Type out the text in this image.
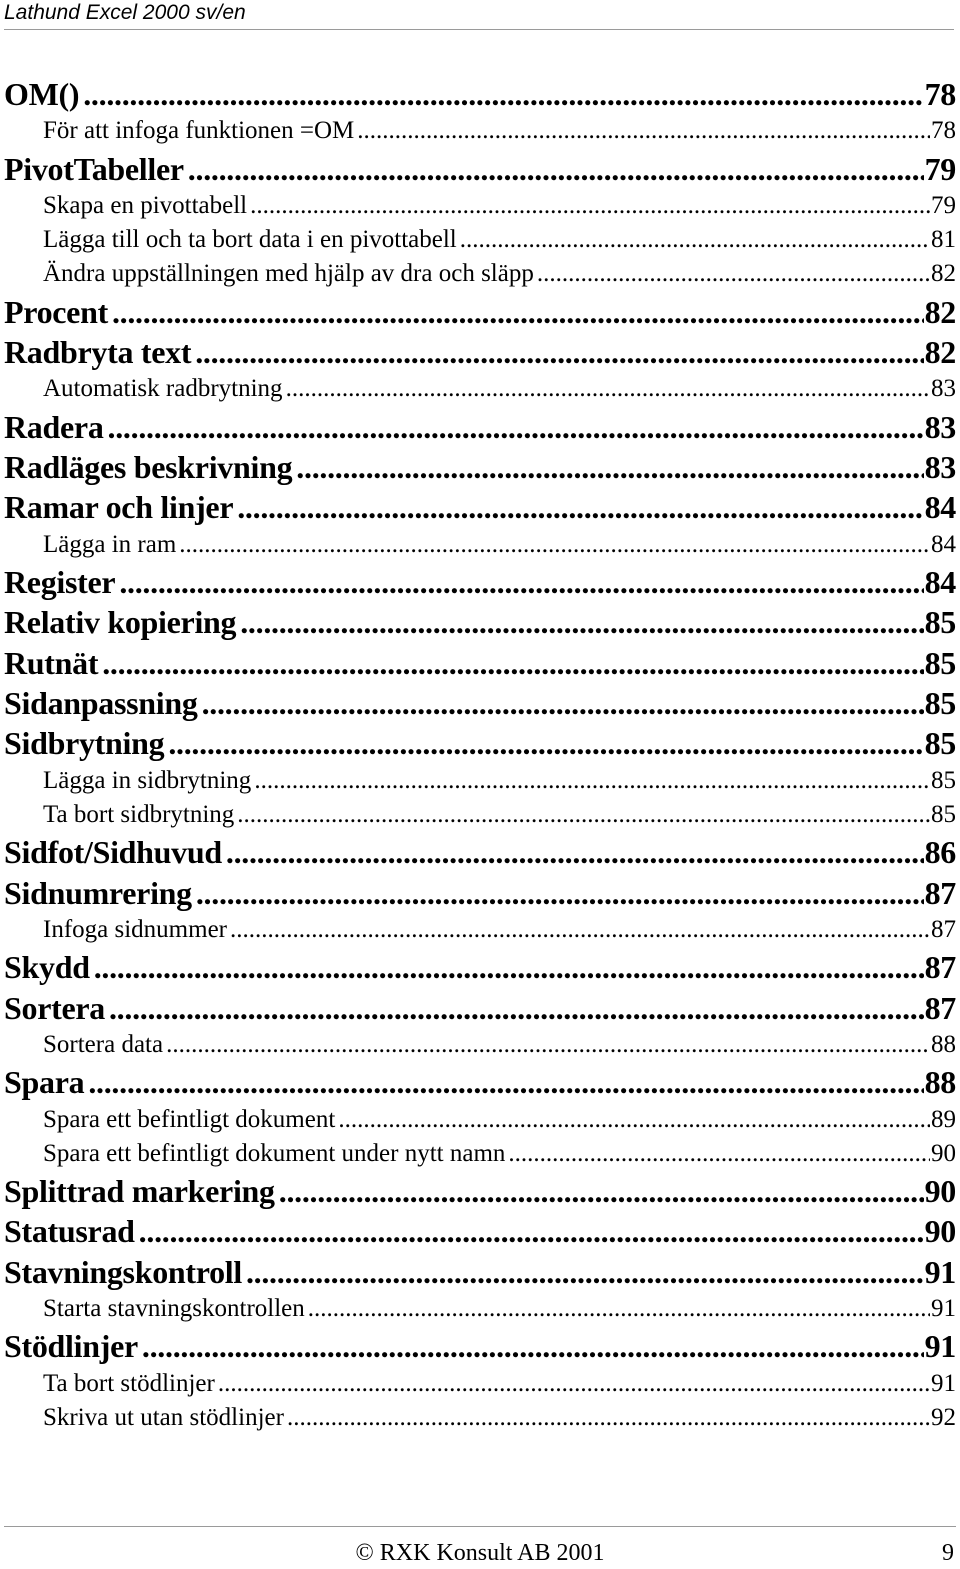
Lathund Excel 2000 sv/en
OM() .....	78
För att infoga funktionen =OM .....	78
PivotTabeller .....	79
Skapa en pivottabell .....	79
Lägga till och ta bort data i en pivottabell .....	81
Ändra uppställningen med hjälp av dra och släpp .....	82
Procent .....	82
Radbryta text .....	82
Automatisk radbrytning .....	83
Radera .....	83
Radläges beskrivning .....	83
Ramar och linjer .....	84
Lägga in ram .....	84
Register .....	84
Relativ kopiering .....	85
Rutnät .....	85
Sidanpassning .....	85
Sidbrytning .....	85
Lägga in sidbrytning .....	85
Ta bort sidbrytning .....	85
Sidfot/Sidhuvud .....	86
Sidnumrering .....	87
Infoga sidnummer .....	87
Skydd .....	87
Sortera .....	87
Sortera data .....	88
Spara .....	88
Spara ett befintligt dokument .....	89
Spara ett befintligt dokument under nytt namn .....	90
Splittrad markering .....	90
Statusrad .....	90
Stavningskontroll .....	91
Starta stavningskontrollen .....	91
Stödlinjer .....	91
Ta bort stödlinjer .....	91
Skriva ut utan stödlinjer .....	92
© RXK Konsult AB 2001	9
